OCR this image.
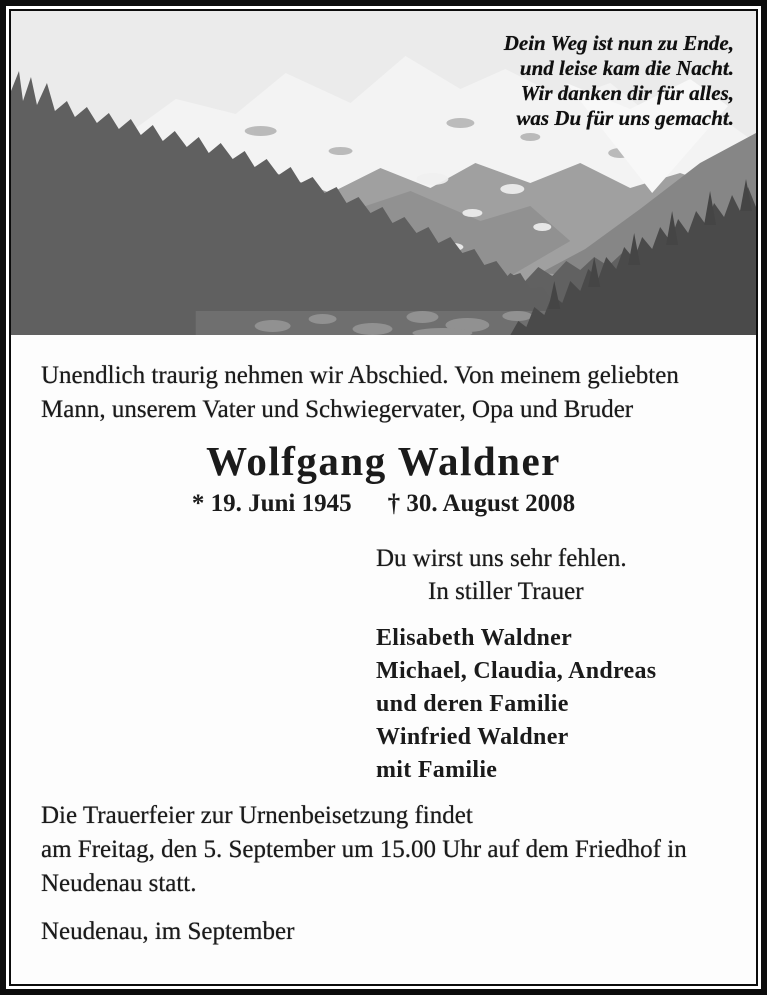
Dein Weg ist nun zu Ende,
und leise kam die Nacht.
Wir danken dir für alles,
was Du für uns gemacht.
Unendlich traurig nehmen wir Abschied. Von meinem geliebten
Mann, unserem Vater und Schwiegervater, Opa und Bruder
Wolfgang Waldner
* 19. Juni 1945 † 30. August 2008
Du wirst uns sehr fehlen.
In stiller Trauer
Elisabeth Waldner
Michael, Claudia, Andreas
und deren Familie
Winfried Waldner
mit Familie
Die Trauerfeier zur Urnenbeisetzung findet
am Freitag, den 5. September um 15.00 Uhr auf dem Friedhof in
Neudenau statt.
Neudenau, im September
